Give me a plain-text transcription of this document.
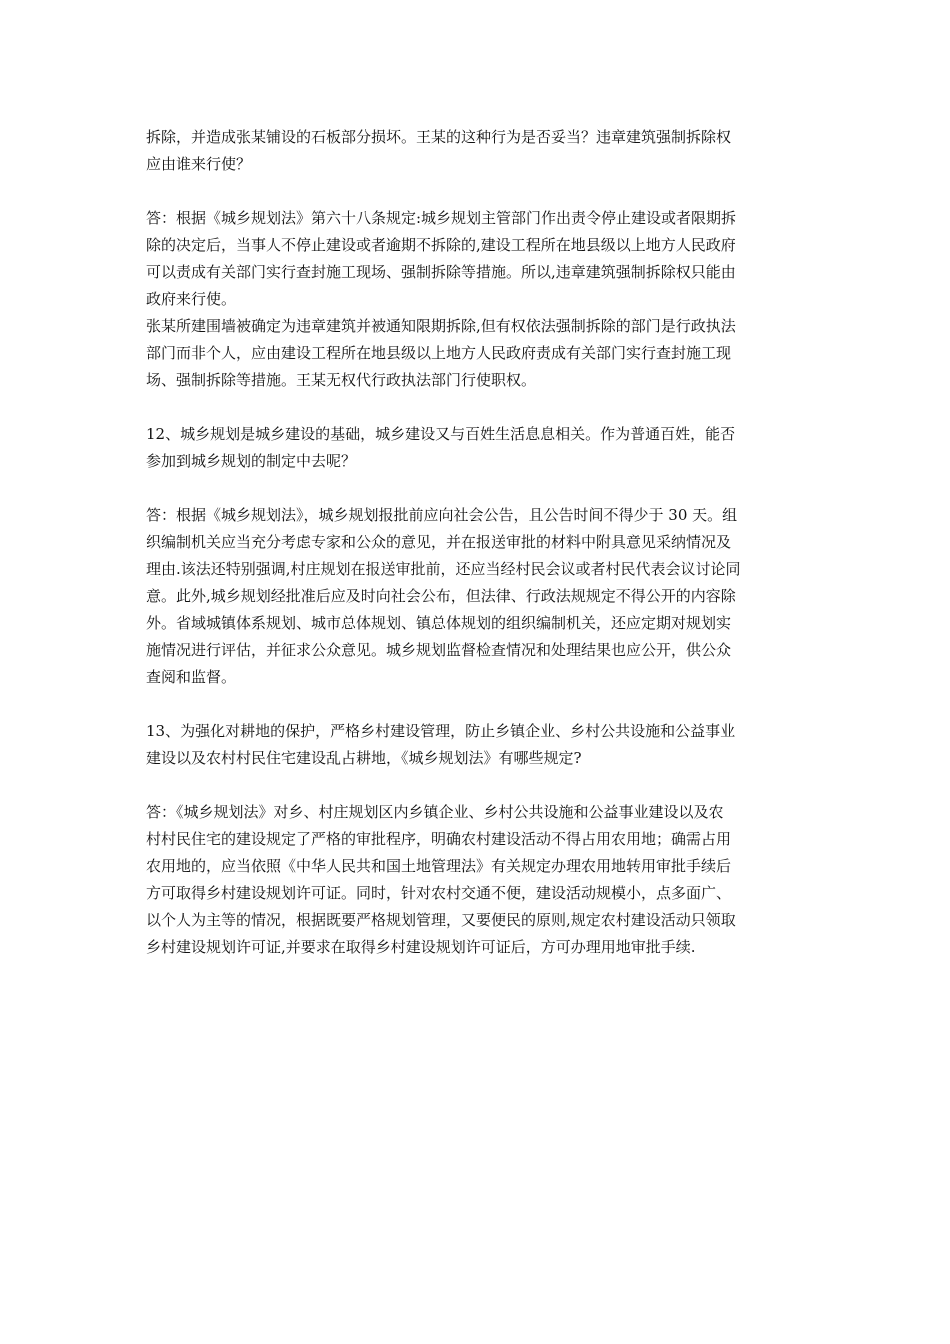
拆除，并造成张某铺设的石板部分损坏。王某的这种行为是否妥当？违章建筑强制拆除权
应由谁来行使？

答：根据《城乡规划法》第六十八条规定:城乡规划主管部门作出责令停止建设或者限期拆
除的决定后，当事人不停止建设或者逾期不拆除的,建设工程所在地县级以上地方人民政府
可以责成有关部门实行查封施工现场、强制拆除等措施。所以,违章建筑强制拆除权只能由
政府来行使。
张某所建围墙被确定为违章建筑并被通知限期拆除,但有权依法强制拆除的部门是行政执法
部门而非个人，应由建设工程所在地县级以上地方人民政府责成有关部门实行查封施工现
场、强制拆除等措施。王某无权代行政执法部门行使职权。

12、城乡规划是城乡建设的基础，城乡建设又与百姓生活息息相关。作为普通百姓，能否
参加到城乡规划的制定中去呢？

答：根据《城乡规划法》，城乡规划报批前应向社会公告，且公告时间不得少于 30 天。组
织编制机关应当充分考虑专家和公众的意见，并在报送审批的材料中附具意见采纳情况及
理由.该法还特别强调,村庄规划在报送审批前，还应当经村民会议或者村民代表会议讨论同
意。此外,城乡规划经批准后应及时向社会公布，但法律、行政法规规定不得公开的内容除
外。省域城镇体系规划、城市总体规划、镇总体规划的组织编制机关，还应定期对规划实
施情况进行评估，并征求公众意见。城乡规划监督检查情况和处理结果也应公开，供公众
查阅和监督。

13、为强化对耕地的保护，严格乡村建设管理，防止乡镇企业、乡村公共设施和公益事业
建设以及农村村民住宅建设乱占耕地，《城乡规划法》有哪些规定?

答：《城乡规划法》对乡、村庄规划区内乡镇企业、乡村公共设施和公益事业建设以及农
村村民住宅的建设规定了严格的审批程序，明确农村建设活动不得占用农用地；确需占用
农用地的，应当依照《中华人民共和国土地管理法》有关规定办理农用地转用审批手续后
方可取得乡村建设规划许可证。同时，针对农村交通不便，建设活动规模小，点多面广、
以个人为主等的情况，根据既要严格规划管理，又要便民的原则,规定农村建设活动只领取
乡村建设规划许可证,并要求在取得乡村建设规划许可证后，方可办理用地审批手续.
